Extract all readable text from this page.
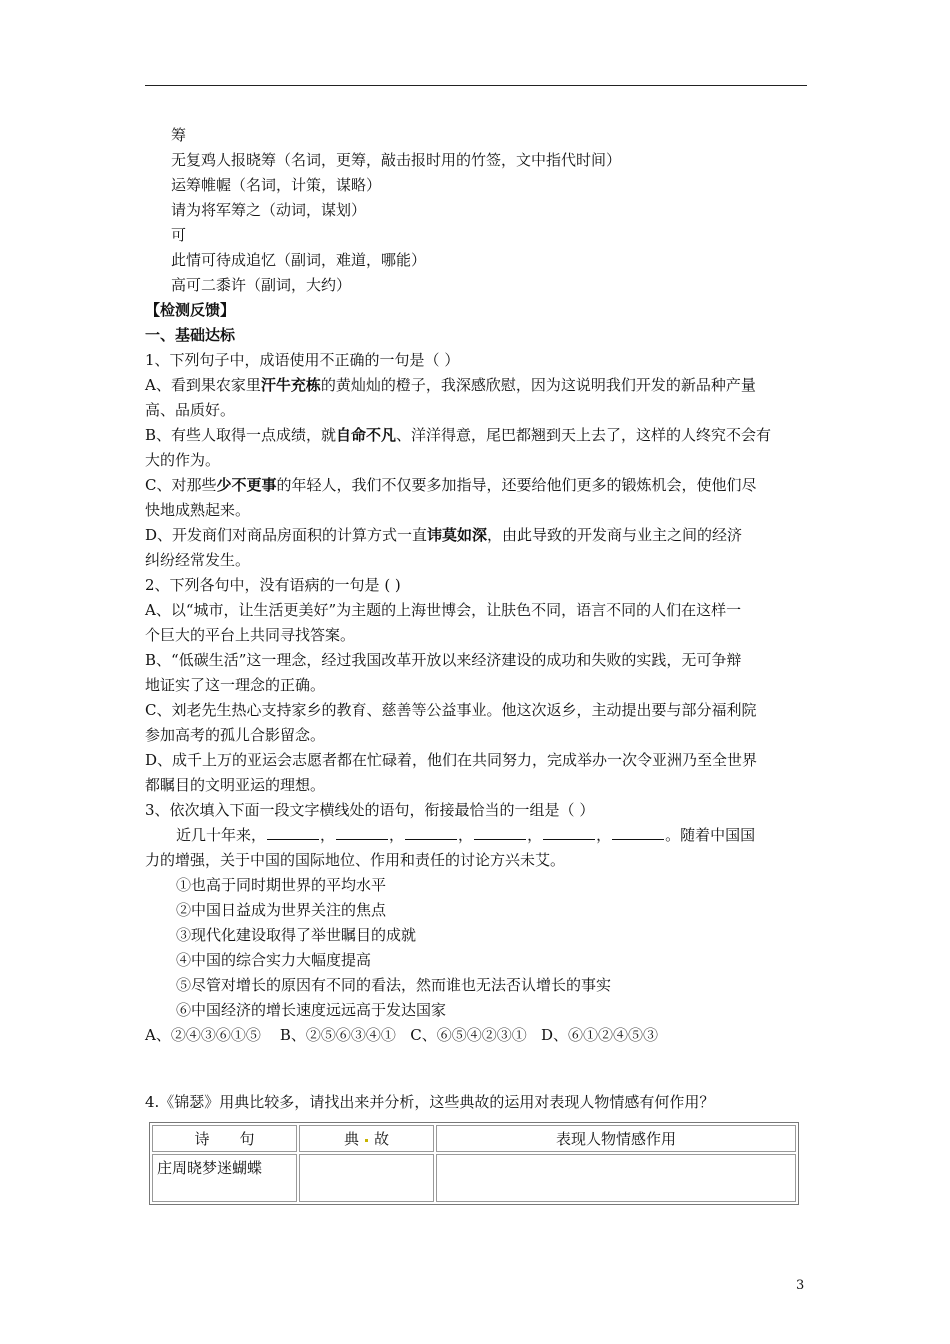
筹
无复鸡人报晓筹（名词，更筹，敲击报时用的竹签，文中指代时间）
运筹帷幄（名词，计策，谋略）
请为将军筹之（动词，谋划）
可
此情可待成追忆（副词，难道，哪能）
高可二黍许（副词，大约）
【检测反馈】
一、基础达标
1、下列句子中，成语使用不正确的一句是（ ）
A、看到果农家里汗牛充栋的黄灿灿的橙子，我深感欣慰，因为这说明我们开发的新品种产量
高、品质好。
B、有些人取得一点成绩，就自命不凡、洋洋得意，尾巴都翘到天上去了，这样的人终究不会有
大的作为。
C、对那些少不更事的年轻人，我们不仅要多加指导，还要给他们更多的锻炼机会，使他们尽
快地成熟起来。
D、开发商们对商品房面积的计算方式一直讳莫如深，由此导致的开发商与业主之间的经济
纠纷经常发生。
2、下列各句中，没有语病的一句是 ( )
A、以“城市，让生活更美好”为主题的上海世博会，让肤色不同，语言不同的人们在这样一
个巨大的平台上共同寻找答案。
B、“低碳生活”这一理念，经过我国改革开放以来经济建设的成功和失败的实践，无可争辩
地证实了这一理念的正确。
C、刘老先生热心支持家乡的教育、慈善等公益事业。他这次返乡，主动提出要与部分福利院
参加高考的孤儿合影留念。
D、成千上万的亚运会志愿者都在忙碌着，他们在共同努力，完成举办一次令亚洲乃至全世界
都瞩目的文明亚运的理想。
3、依次填入下面一段文字横线处的语句，衔接最恰当的一组是（ ）
近几十年来，	，	，	，	，	，	。随着中国国
力的增强，关于中国的国际地位、作用和责任的讨论方兴未艾。
①也高于同时期世界的平均水平
②中国日益成为世界关注的焦点
③现代化建设取得了举世瞩目的成就
④中国的综合实力大幅度提高
⑤尽管对增长的原因有不同的看法，然而谁也无法否认增长的事实
⑥中国经济的增长速度远远高于发达国家
A、②④③⑥①⑤    B、②⑤⑥③④①   C、⑥⑤④②③①   D、⑥①②④⑤③
4.《锦瑟》用典比较多，请找出来并分析，这些典故的运用对表现人物情感有何作用？
诗句	典 故	表现人物情感作用
庄周晓梦迷蝴蝶		
3
